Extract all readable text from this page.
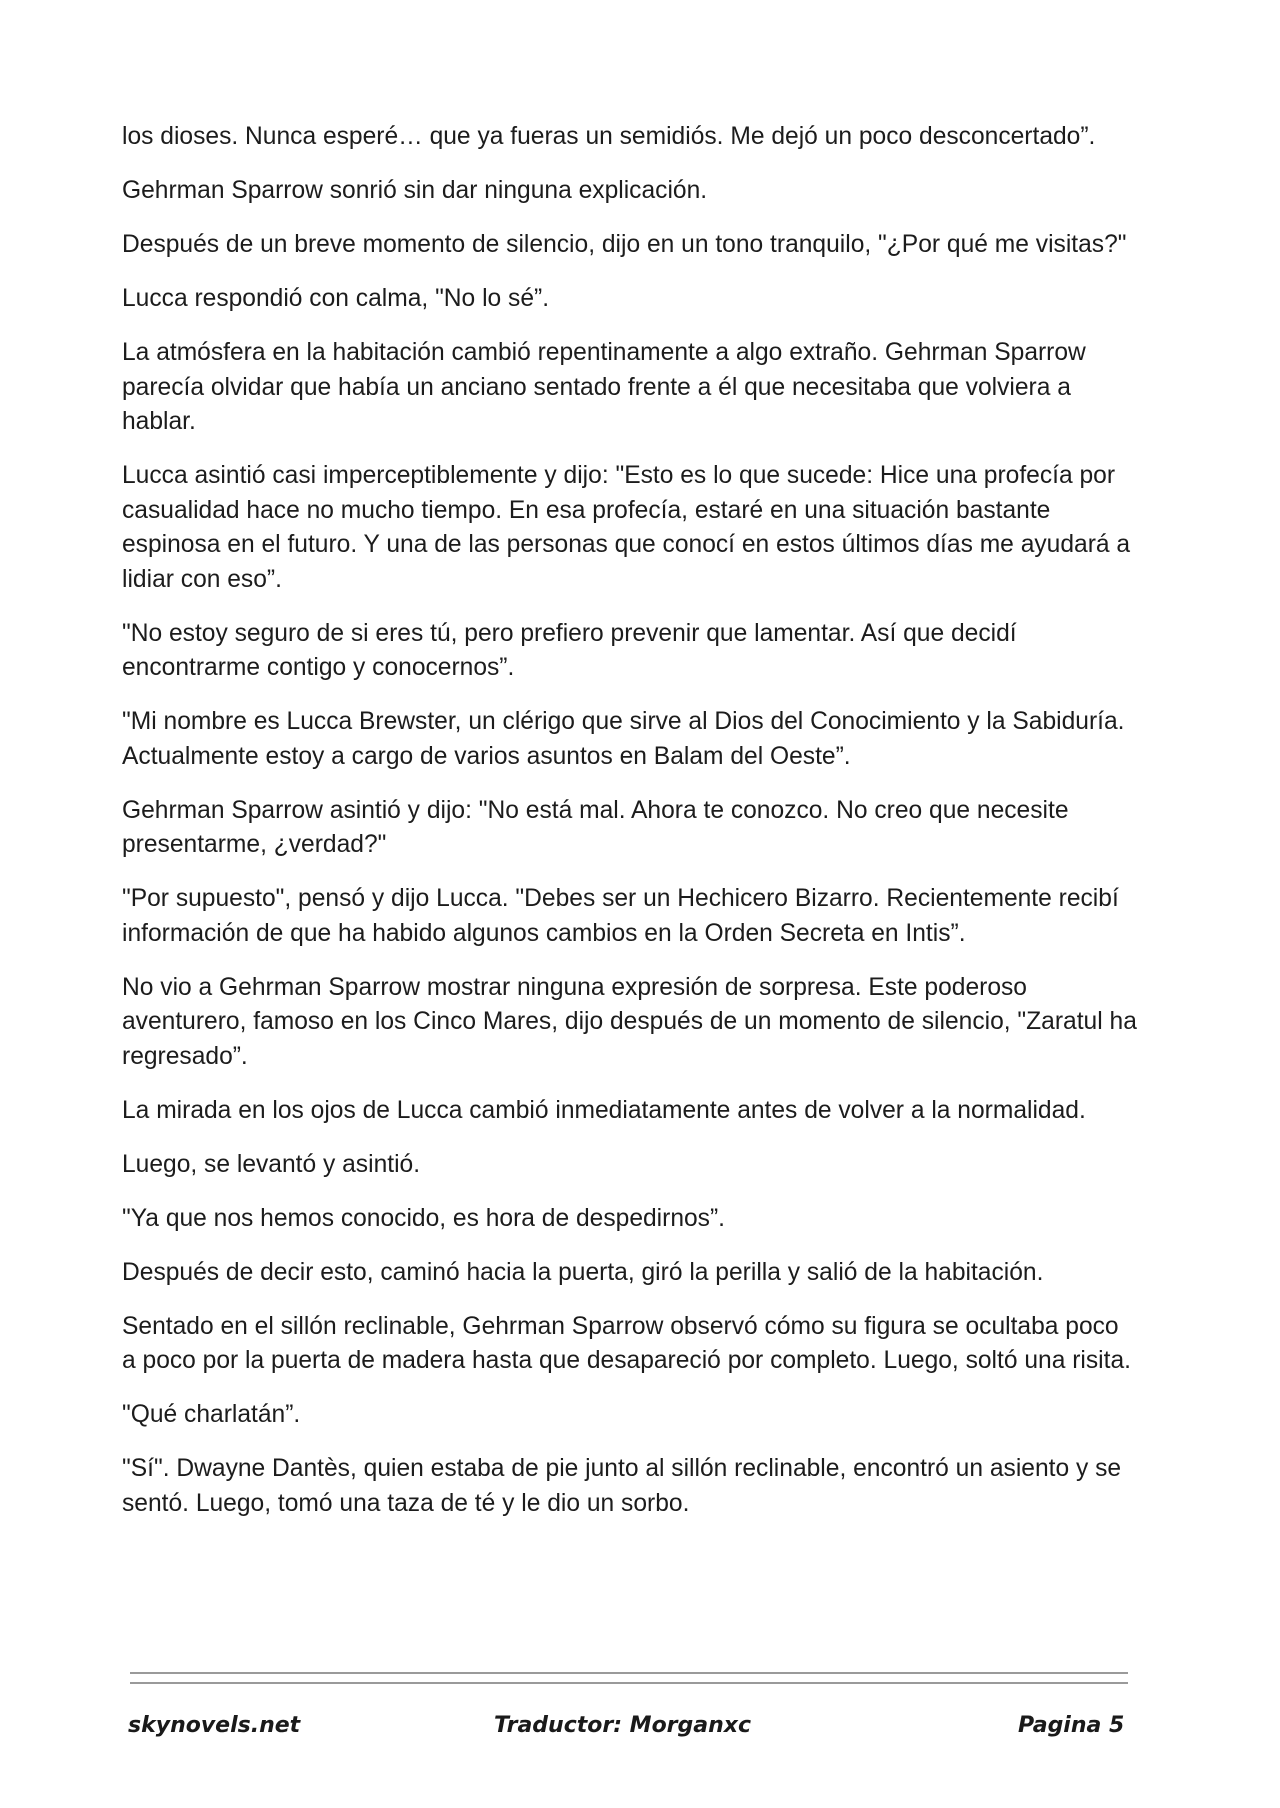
los dioses. Nunca esperé… que ya fueras un semidiós. Me dejó un poco desconcertado”.

Gehrman Sparrow sonrió sin dar ninguna explicación.

Después de un breve momento de silencio, dijo en un tono tranquilo, "¿Por qué me visitas?"

Lucca respondió con calma, "No lo sé”.

La atmósfera en la habitación cambió repentinamente a algo extraño. Gehrman Sparrow parecía olvidar que había un anciano sentado frente a él que necesitaba que volviera a hablar.

Lucca asintió casi imperceptiblemente y dijo: "Esto es lo que sucede: Hice una profecía por casualidad hace no mucho tiempo. En esa profecía, estaré en una situación bastante espinosa en el futuro. Y una de las personas que conocí en estos últimos días me ayudará a lidiar con eso”.

"No estoy seguro de si eres tú, pero prefiero prevenir que lamentar. Así que decidí encontrarme contigo y conocernos”.

"Mi nombre es Lucca Brewster, un clérigo que sirve al Dios del Conocimiento y la Sabiduría. Actualmente estoy a cargo de varios asuntos en Balam del Oeste”.

Gehrman Sparrow asintió y dijo: "No está mal. Ahora te conozco. No creo que necesite presentarme, ¿verdad?"

"Por supuesto", pensó y dijo Lucca. "Debes ser un Hechicero Bizarro. Recientemente recibí información de que ha habido algunos cambios en la Orden Secreta en Intis”.

No vio a Gehrman Sparrow mostrar ninguna expresión de sorpresa. Este poderoso aventurero, famoso en los Cinco Mares, dijo después de un momento de silencio, "Zaratul ha regresado”.

La mirada en los ojos de Lucca cambió inmediatamente antes de volver a la normalidad.

Luego, se levantó y asintió.

"Ya que nos hemos conocido, es hora de despedirnos”.

Después de decir esto, caminó hacia la puerta, giró la perilla y salió de la habitación.

Sentado en el sillón reclinable, Gehrman Sparrow observó cómo su figura se ocultaba poco a poco por la puerta de madera hasta que desapareció por completo. Luego, soltó una risita.

"Qué charlatán”.

"Sí". Dwayne Dantès, quien estaba de pie junto al sillón reclinable, encontró un asiento y se sentó. Luego, tomó una taza de té y le dio un sorbo.

skynovels.net	Traductor: Morganxc	Pagina 5
